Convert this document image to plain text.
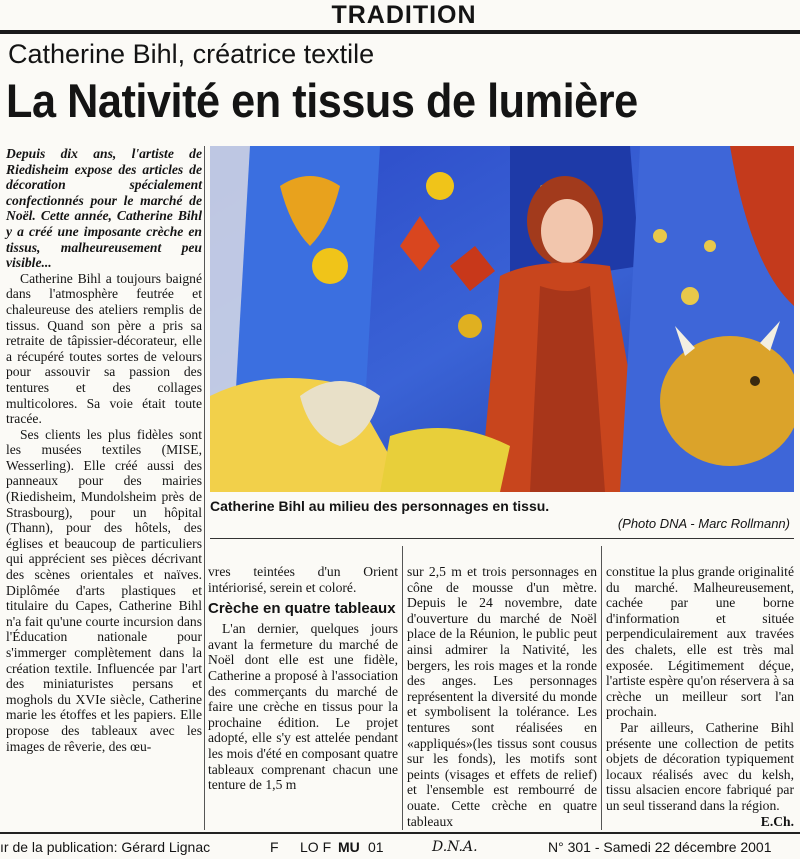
TRADITION
Catherine Bihl, créatrice textile
La Nativité en tissus de lumière
Catherine Bihl au milieu des personnages en tissu.
(Photo DNA - Marc Rollmann)

Depuis dix ans, l'artiste de Riedisheim expose des articles de décoration spécialement confectionnés pour le marché de Noël. Cette année, Catherine Bihl y a créé une imposante crèche en tissus, malheureusement peu visible...

Catherine Bihl a toujours baigné dans l'atmosphère feutrée et chaleureuse des ateliers remplis de tissus. Quand son père a pris sa retraite de tâpissier-décorateur, elle a récupéré toutes sortes de velours pour assouvir sa passion des tentures et des collages multicolores. Sa voie était toute tracée.

Ses clients les plus fidèles sont les musées textiles (MISE, Wesserling). Elle créé aussi des panneaux pour des mairies (Riedisheim, Mundolsheim près de Strasbourg), pour un hôpital (Thann), pour des hôtels, des églises et beaucoup de particuliers qui apprécient ses pièces décrivant des scènes orientales et naïves. Diplômée d'arts plastiques et titulaire du Capes, Catherine Bihl n'a fait qu'une courte incursion dans l'Éducation nationale pour s'immerger complètement dans la création textile. Influencée par l'art des miniaturistes persans et moghols du XVIe siècle, Catherine marie les étoffes et les papiers. Elle propose des tableaux avec les images de rêverie, des œu-

vres teintées d'un Orient intériorisé, serein et coloré.

Crèche en quatre tableaux

L'an dernier, quelques jours avant la fermeture du marché de Noël dont elle est une fidèle, Catherine a proposé à l'association des commerçants du marché de faire une crèche en tissus pour la prochaine édition. Le projet adopté, elle s'y est attelée pendant les mois d'été en composant quatre tableaux comprenant chacun une tenture de 1,5 m

sur 2,5 m et trois personnages en cône de mousse d'un mètre. Depuis le 24 novembre, date d'ouverture du marché de Noël place de la Réunion, le public peut ainsi admirer la Nativité, les bergers, les rois mages et la ronde des anges. Les personnages représentent la diversité du monde et symbolisent la tolérance. Les tentures sont réalisées en «appliqués»(les tissus sont cousus sur les fonds), les motifs sont peints (visages et effets de relief) et l'ensemble est rembourré de ouate. Cette crèche en quatre tableaux

constitue la plus grande originalité du marché. Malheureusement, cachée par une borne d'information et située perpendiculairement aux travées des chalets, elle est très mal exposée. Légitimement déçue, l'artiste espère qu'on réservera à sa crèche un meilleur sort l'an prochain.

Par ailleurs, Catherine Bihl présente une collection de petits objets de décoration typiquement locaux réalisés avec du kelsh, tissu alsacien encore fabriqué par un seul tisserand dans la région.

E.Ch.
ır de la publication: Gérard Lignac	F LO F MU 01	D.N.A.	N° 301 - Samedi 22 décembre 2001
